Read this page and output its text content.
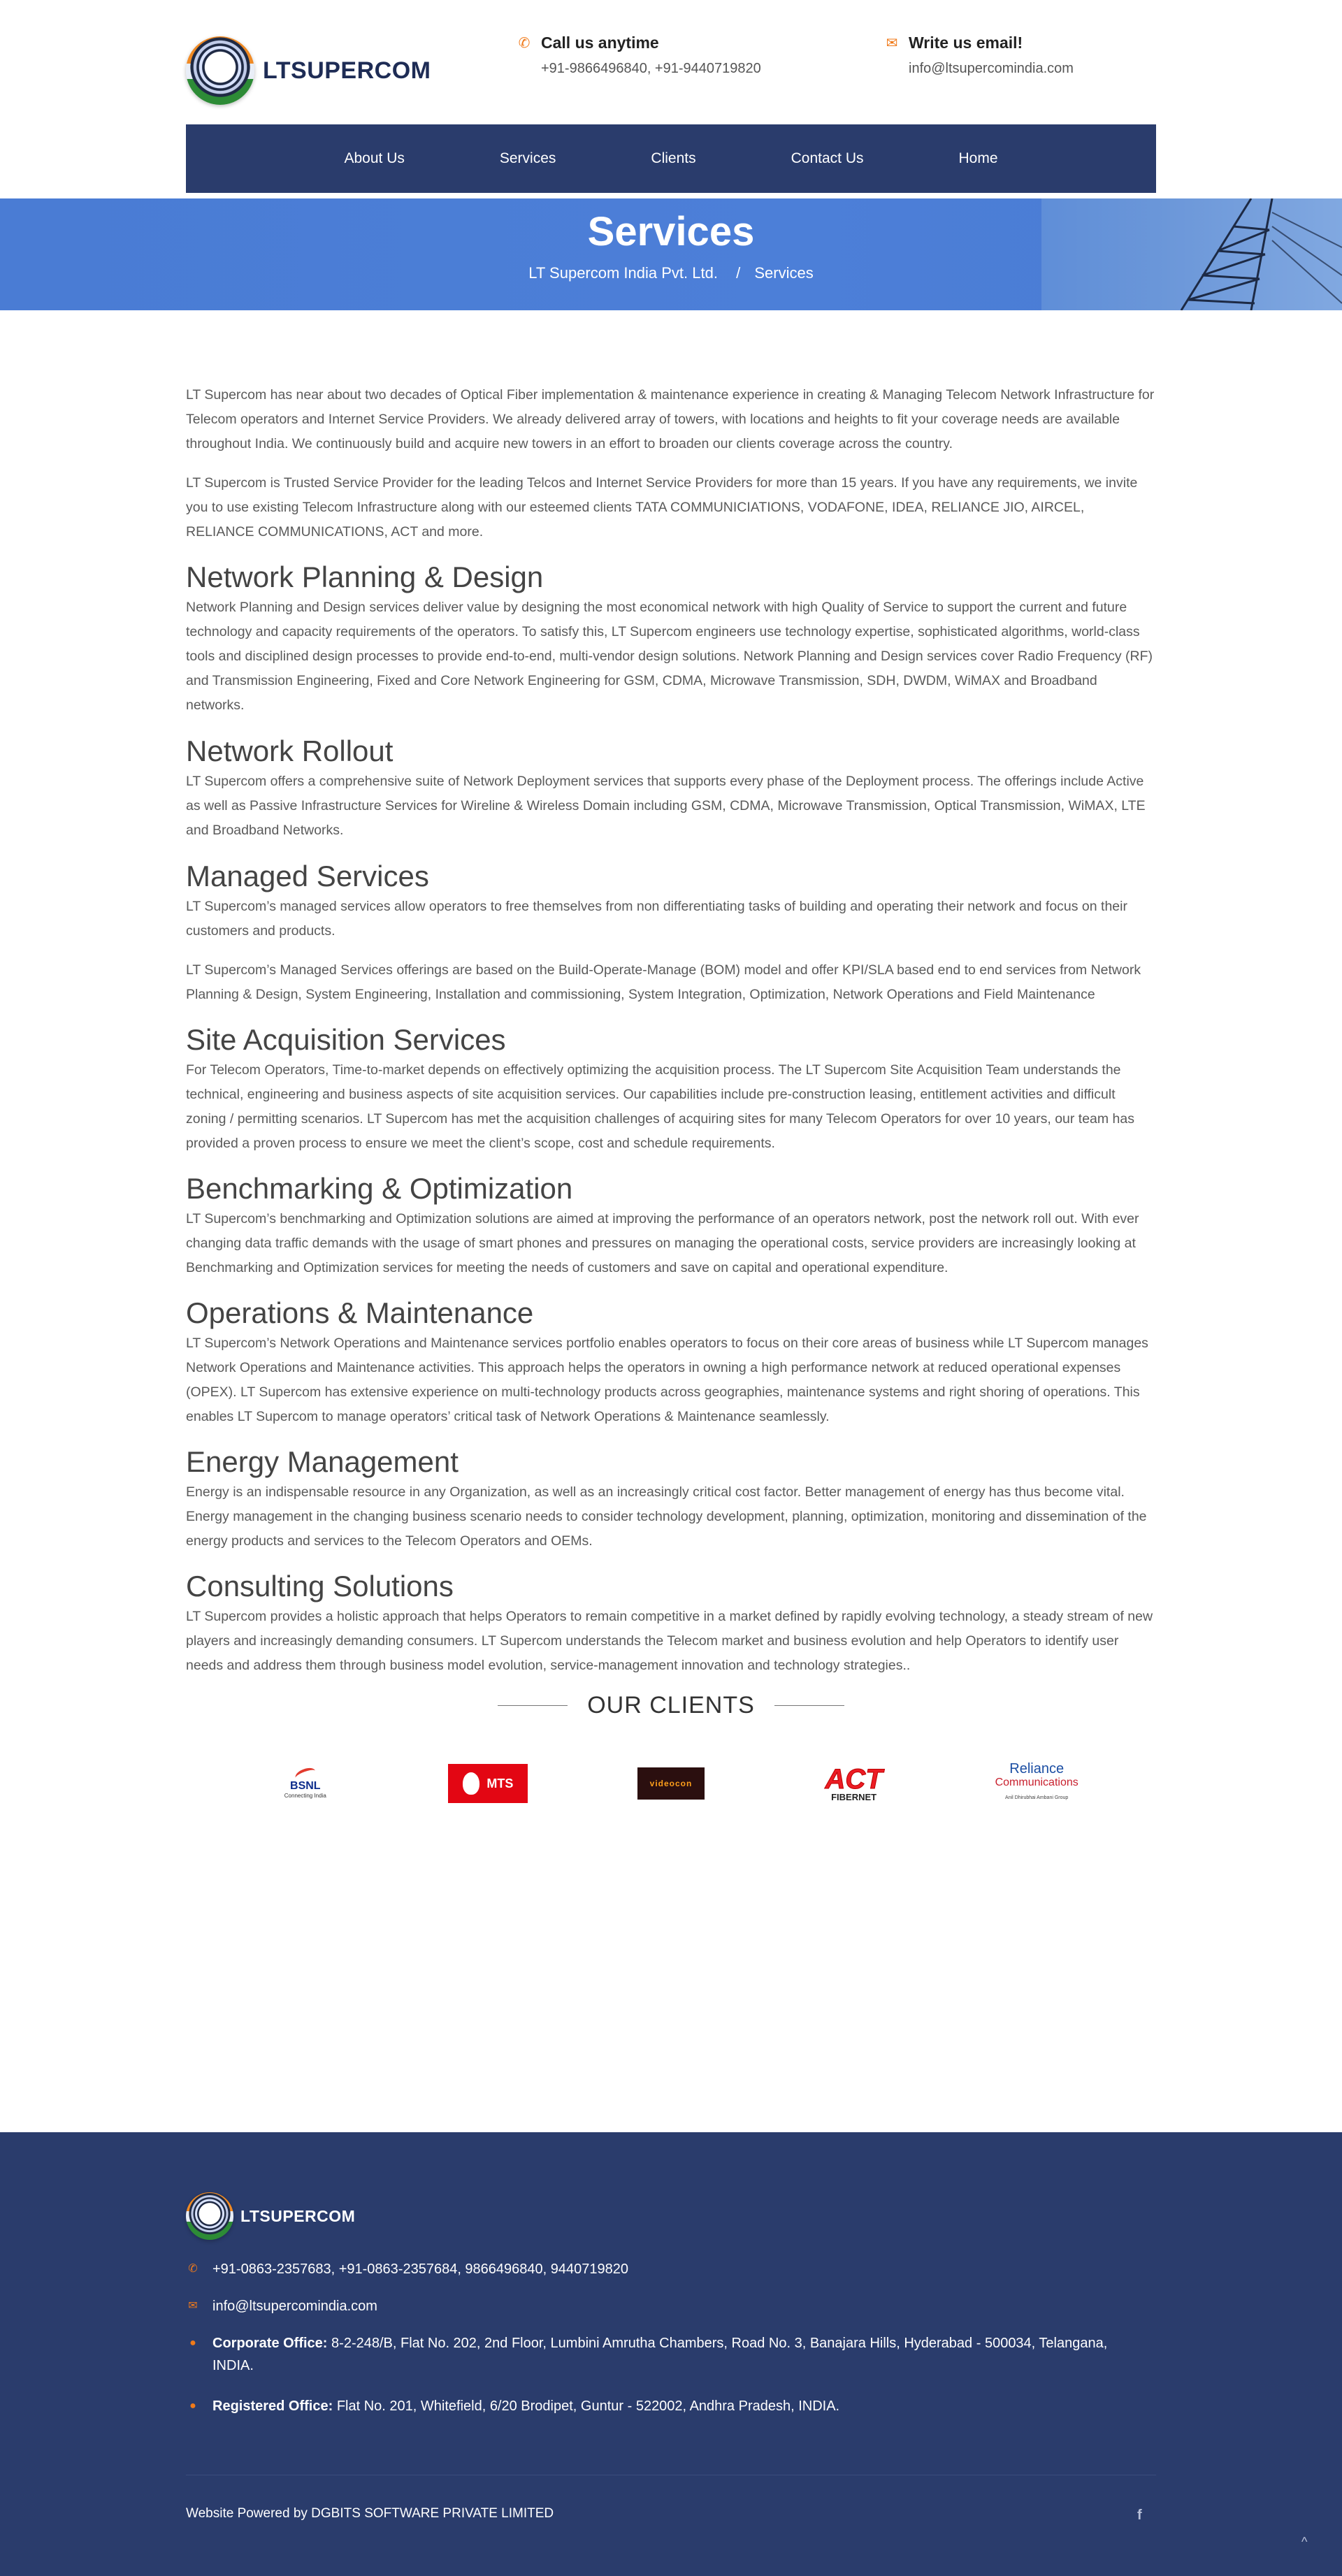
LTSUPERCOM
✆ Call us anytime
+91-9866496840, +91-9440719820
✉ Write us email!
info@ltsupercomindia.com
About Us	Services	Clients	Contact Us	Home
Services
LT Supercom India Pvt. Ltd. / Services

LT Supercom has near about two decades of Optical Fiber implementation & maintenance experience in creating & Managing Telecom Network Infrastructure for Telecom operators and Internet Service Providers. We already delivered array of towers, with locations and heights to fit your coverage needs are available throughout India. We continuously build and acquire new towers in an effort to broaden our clients coverage across the country.

LT Supercom is Trusted Service Provider for the leading Telcos and Internet Service Providers for more than 15 years. If you have any requirements, we invite you to use existing Telecom Infrastructure along with our esteemed clients TATA COMMUNICIATIONS, VODAFONE, IDEA, RELIANCE JIO, AIRCEL, RELIANCE COMMUNICATIONS, ACT and more.

Network Planning & Design

Network Planning and Design services deliver value by designing the most economical network with high Quality of Service to support the current and future technology and capacity requirements of the operators. To satisfy this, LT Supercom engineers use technology expertise, sophisticated algorithms, world-class tools and disciplined design processes to provide end-to-end, multi-vendor design solutions. Network Planning and Design services cover Radio Frequency (RF) and Transmission Engineering, Fixed and Core Network Engineering for GSM, CDMA, Microwave Transmission, SDH, DWDM, WiMAX and Broadband networks.

Network Rollout

LT Supercom offers a comprehensive suite of Network Deployment services that supports every phase of the Deployment process. The offerings include Active as well as Passive Infrastructure Services for Wireline & Wireless Domain including GSM, CDMA, Microwave Transmission, Optical Transmission, WiMAX, LTE and Broadband Networks.

Managed Services

LT Supercom’s managed services allow operators to free themselves from non differentiating tasks of building and operating their network and focus on their customers and products.

LT Supercom’s Managed Services offerings are based on the Build-Operate-Manage (BOM) model and offer KPI/SLA based end to end services from Network Planning & Design, System Engineering, Installation and commissioning, System Integration, Optimization, Network Operations and Field Maintenance

Site Acquisition Services

For Telecom Operators, Time-to-market depends on effectively optimizing the acquisition process. The LT Supercom Site Acquisition Team understands the technical, engineering and business aspects of site acquisition services. Our capabilities include pre-construction leasing, entitlement activities and difficult zoning / permitting scenarios. LT Supercom has met the acquisition challenges of acquiring sites for many Telecom Operators for over 10 years, our team has provided a proven process to ensure we meet the client’s scope, cost and schedule requirements.

Benchmarking & Optimization

LT Supercom’s benchmarking and Optimization solutions are aimed at improving the performance of an operators network, post the network roll out. With ever changing data traffic demands with the usage of smart phones and pressures on managing the operational costs, service providers are increasingly looking at Benchmarking and Optimization services for meeting the needs of customers and save on capital and operational expenditure.

Operations & Maintenance

LT Supercom’s Network Operations and Maintenance services portfolio enables operators to focus on their core areas of business while LT Supercom manages Network Operations and Maintenance activities. This approach helps the operators in owning a high performance network at reduced operational expenses (OPEX). LT Supercom has extensive experience on multi-technology products across geographies, maintenance systems and right shoring of operations. This enables LT Supercom to manage operators’ critical task of Network Operations & Maintenance seamlessly.

Energy Management

Energy is an indispensable resource in any Organization, as well as an increasingly critical cost factor. Better management of energy has thus become vital. Energy management in the changing business scenario needs to consider technology development, planning, optimization, monitoring and dissemination of the energy products and services to the Telecom Operators and OEMs.

Consulting Solutions

LT Supercom provides a holistic approach that helps Operators to remain competitive in a market defined by rapidly evolving technology, a steady stream of new players and increasingly demanding consumers. LT Supercom understands the Telecom market and business evolution and help Operators to identify user needs and address them through business model evolution, service-management innovation and technology strategies..

OUR CLIENTS
BSNL
Connecting India
MTS	videocon	ACT
FIBERNET
Reliance
Communications
Anil Dhirubhai Ambani Group
LTSUPERCOM
✆ +91-0863-2357683, +91-0863-2357684, 9866496840, 9440719820
✉ info@ltsupercomindia.com
● Corporate Office: 8-2-248/B, Flat No. 202, 2nd Floor, Lumbini Amrutha Chambers, Road No. 3, Banajara Hills, Hyderabad - 500034, Telangana, INDIA.
● Registered Office: Flat No. 201, Whitefield, 6/20 Brodipet, Guntur - 522002, Andhra Pradesh, INDIA.
Website Powered by DGBITS SOFTWARE PRIVATE LIMITED	f
^
